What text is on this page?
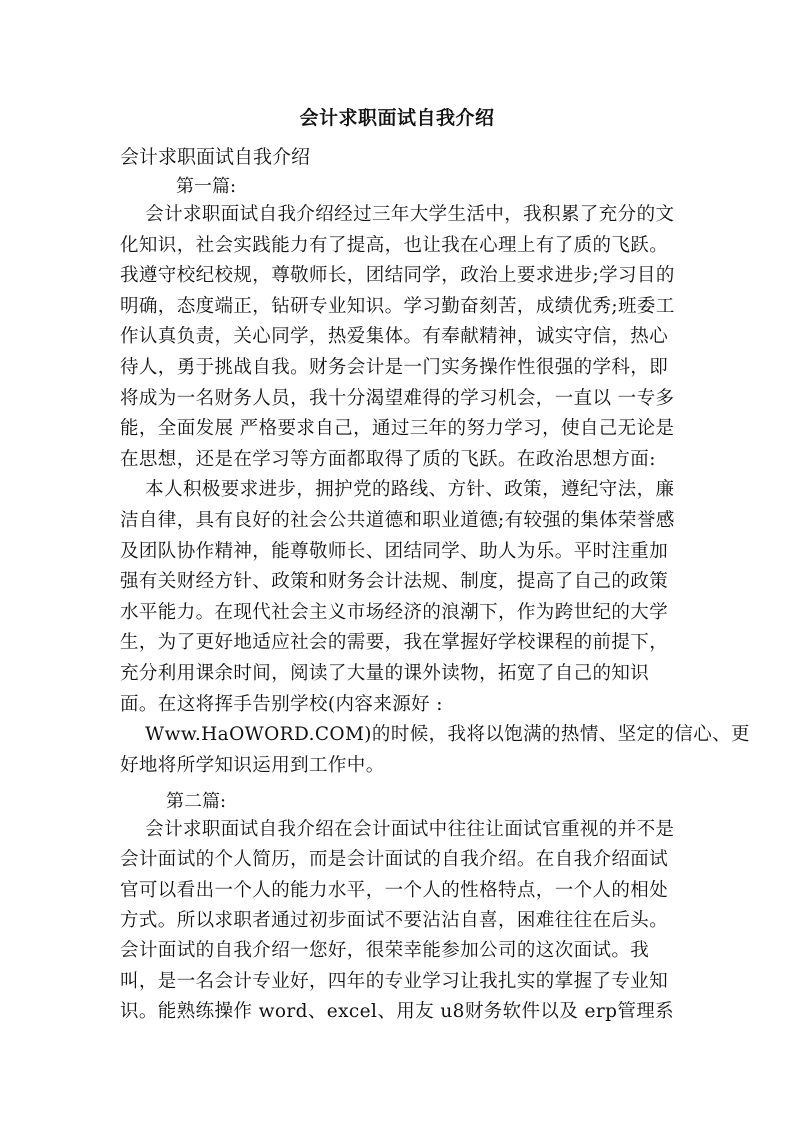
会计求职面试自我介绍
会计求职面试自我介绍
第一篇:
  会计求职面试自我介绍经过三年大学生活中，我积累了充分的文
化知识，社会实践能力有了提高，也让我在心理上有了质的飞跃。
我遵守校纪校规，尊敬师长，团结同学，政治上要求进步;学习目的
明确，态度端正，钻研专业知识。学习勤奋刻苦，成绩优秀;班委工
作认真负责，关心同学，热爱集体。有奉献精神，诚实守信，热心
待人，勇于挑战自我。财务会计是一门实务操作性很强的学科，即
将成为一名财务人员，我十分渴望难得的学习机会，一直以 一专多
能，全面发展 严格要求自己，通过三年的努力学习，使自己无论是
在思想，还是在学习等方面都取得了质的飞跃。在政治思想方面:
  本人积极要求进步，拥护党的路线、方针、政策，遵纪守法，廉
洁自律，具有良好的社会公共道德和职业道德;有较强的集体荣誉感
及团队协作精神，能尊敬师长、团结同学、助人为乐。平时注重加
强有关财经方针、政策和财务会计法规、制度，提高了自己的政策
水平能力。在现代社会主义市场经济的浪潮下，作为跨世纪的大学
生，为了更好地适应社会的需要，我在掌握好学校课程的前提下，
充分利用课余时间，阅读了大量的课外读物，拓宽了自己的知识
面。在这将挥手告别学校(内容来源好 :
  Www.HaOWORD.COM)的时候，我将以饱满的热情、坚定的信心、更
好地将所学知识运用到工作中。
第二篇:
  会计求职面试自我介绍在会计面试中往往让面试官重视的并不是
会计面试的个人简历，而是会计面试的自我介绍。在自我介绍面试
官可以看出一个人的能力水平，一个人的性格特点，一个人的相处
方式。所以求职者通过初步面试不要沾沾自喜，困难往往在后头。
会计面试的自我介绍一您好，很荣幸能参加公司的这次面试。我
叫，是一名会计专业好，四年的专业学习让我扎实的掌握了专业知
识。能熟练操作 word、excel、用友 u8财务软件以及 erp管理系
